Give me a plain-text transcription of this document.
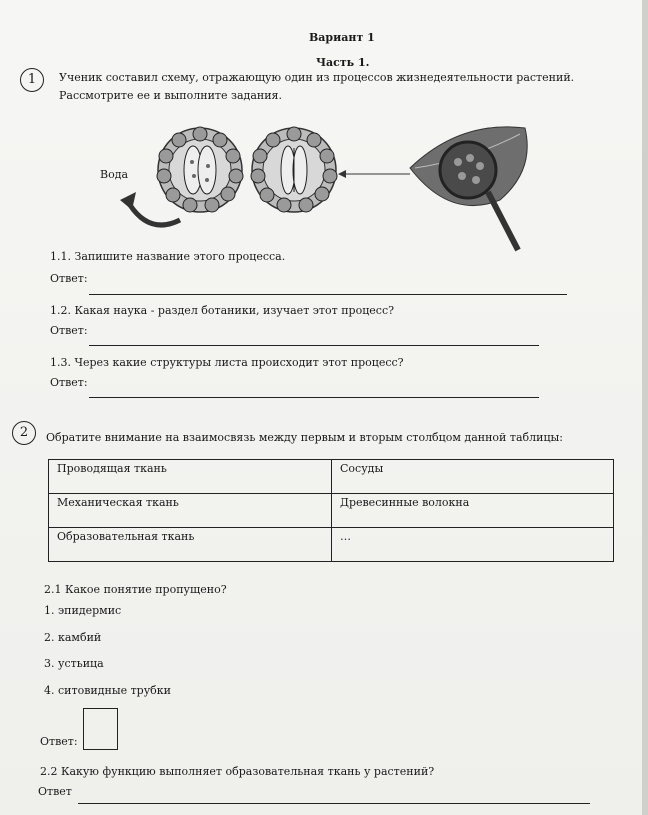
Вариант 1
Часть 1.
1	Ученик составил схему, отражающую один из процессов жизнедеятельности растений.
Рассмотрите ее и выполните задания.
Вода
1.1. Запишите название этого процесса.
Ответ:
1.2. Какая наука - раздел ботаники, изучает этот процесс?
Ответ:
1.3. Через какие структуры листа происходит этот процесс?
Ответ:
2	Обратите внимание на взаимосвязь между первым и вторым столбцом данной таблицы:
Проводящая ткань	Сосуды
Механическая ткань	Древесинные волокна
Образовательная ткань	…
2.1 Какое понятие пропущено?
1. эпидермис
2. камбий
3. устьица
4. ситовидные трубки
Ответ:
2.2 Какую функцию выполняет образовательная ткань у растений?
Ответ
